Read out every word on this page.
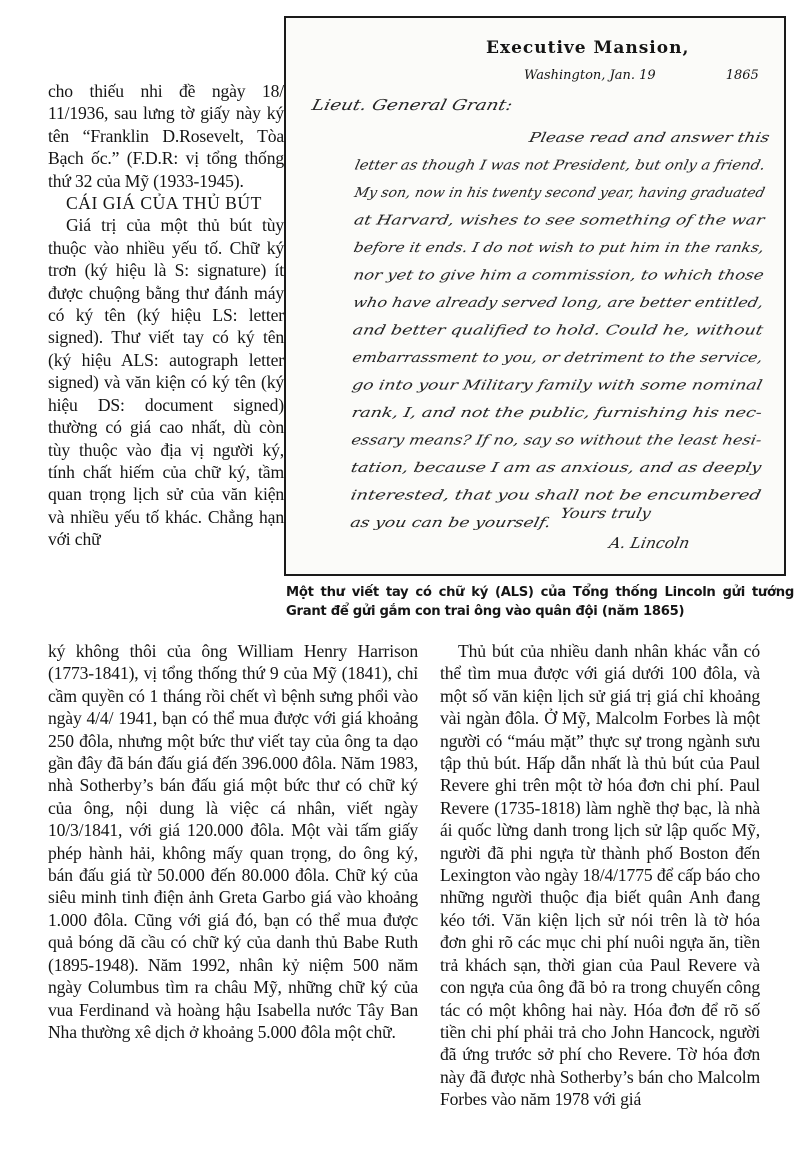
cho thiếu nhi đề ngày 18/ 11/1936, sau lưng tờ giấy này ký tên “Franklin D.Rosevelt, Tòa Bạch ốc.” (F.D.R: vị tổng thống thứ 32 của Mỹ (1933-1945).

CÁI GIÁ CỦA THỦ BÚT

Giá trị của một thủ bút tùy thuộc vào nhiều yếu tố. Chữ ký trơn (ký hiệu là S: signature) ít được chuộng bằng thư đánh máy có ký tên (ký hiệu LS: letter signed). Thư viết tay có ký tên (ký hiệu ALS: autograph letter signed) và văn kiện có ký tên (ký hiệu DS: document signed) thường có giá cao nhất, dù còn tùy thuộc vào địa vị người ký, tính chất hiếm của chữ ký, tầm quan trọng lịch sử của văn kiện và nhiều yếu tố khác. Chẳng hạn với chữ

Executive Mansion,
Washington, Jan. 19	1865
Lieut. General Grant:
Please read and answer this
letter as though I was not President, but only a friend.
My son, now in his twenty second year, having graduated
at Harvard, wishes to see something of the war
before it ends. I do not wish to put him in the ranks,
nor yet to give him a commission, to which those
who have already served long, are better entitled,
and better qualified to hold. Could he, without
embarrassment to you, or detriment to the service,
go into your Military family with some nominal
rank, I, and not the public, furnishing his nec-
essary means? If no, say so without the least hesi-
tation, because I am as anxious, and as deeply
interested, that you shall not be encumbered
as you can be yourself.
Yours truly
A. Lincoln
Một thư viết tay có chữ ký (ALS) của Tổng thống Lincoln gửi tướng Grant để gửi gắm con trai ông vào quân đội (năm 1865)

ký không thôi của ông William Henry Harrison (1773-1841), vị tổng thống thứ 9 của Mỹ (1841), chỉ cầm quyền có 1 tháng rồi chết vì bệnh sưng phổi vào ngày 4/4/ 1941, bạn có thể mua được với giá khoảng 250 đôla, nhưng một bức thư viết tay của ông ta dạo gần đây đã bán đấu giá đến 396.000 đôla. Năm 1983, nhà Sotherby’s bán đấu giá một bức thư có chữ ký của ông, nội dung là việc cá nhân, viết ngày 10/3/1841, với giá 120.000 đôla. Một vài tấm giấy phép hành hải, không mấy quan trọng, do ông ký, bán đấu giá từ 50.000 đến 80.000 đôla. Chữ ký của siêu minh tinh điện ảnh Greta Garbo giá vào khoảng 1.000 đôla. Cũng với giá đó, bạn có thể mua được quả bóng dã cầu có chữ ký của danh thủ Babe Ruth (1895-1948). Năm 1992, nhân kỷ niệm 500 năm ngày Columbus tìm ra châu Mỹ, những chữ ký của vua Ferdinand và hoàng hậu Isabella nước Tây Ban Nha thường xê dịch ở khoảng 5.000 đôla một chữ.

Thủ bút của nhiều danh nhân khác vẫn có thể tìm mua được với giá dưới 100 đôla, và một số văn kiện lịch sử giá trị giá chỉ khoảng vài ngàn đôla. Ở Mỹ, Malcolm Forbes là một người có “máu mặt” thực sự trong ngành sưu tập thủ bút. Hấp dẫn nhất là thủ bút của Paul Revere ghi trên một tờ hóa đơn chi phí. Paul Revere (1735-1818) làm nghề thợ bạc, là nhà ái quốc lừng danh trong lịch sử lập quốc Mỹ, người đã phi ngựa từ thành phố Boston đến Lexington vào ngày 18/4/1775 để cấp báo cho những người thuộc địa biết quân Anh đang kéo tới. Văn kiện lịch sử nói trên là tờ hóa đơn ghi rõ các mục chi phí nuôi ngựa ăn, tiền trả khách sạn, thời gian của Paul Revere và con ngựa của ông đã bỏ ra trong chuyến công tác có một không hai này. Hóa đơn để rõ số tiền chi phí phải trả cho John Hancock, người đã ứng trước sở phí cho Revere. Tờ hóa đơn này đã được nhà Sotherby’s bán cho Malcolm Forbes vào năm 1978 với giá
